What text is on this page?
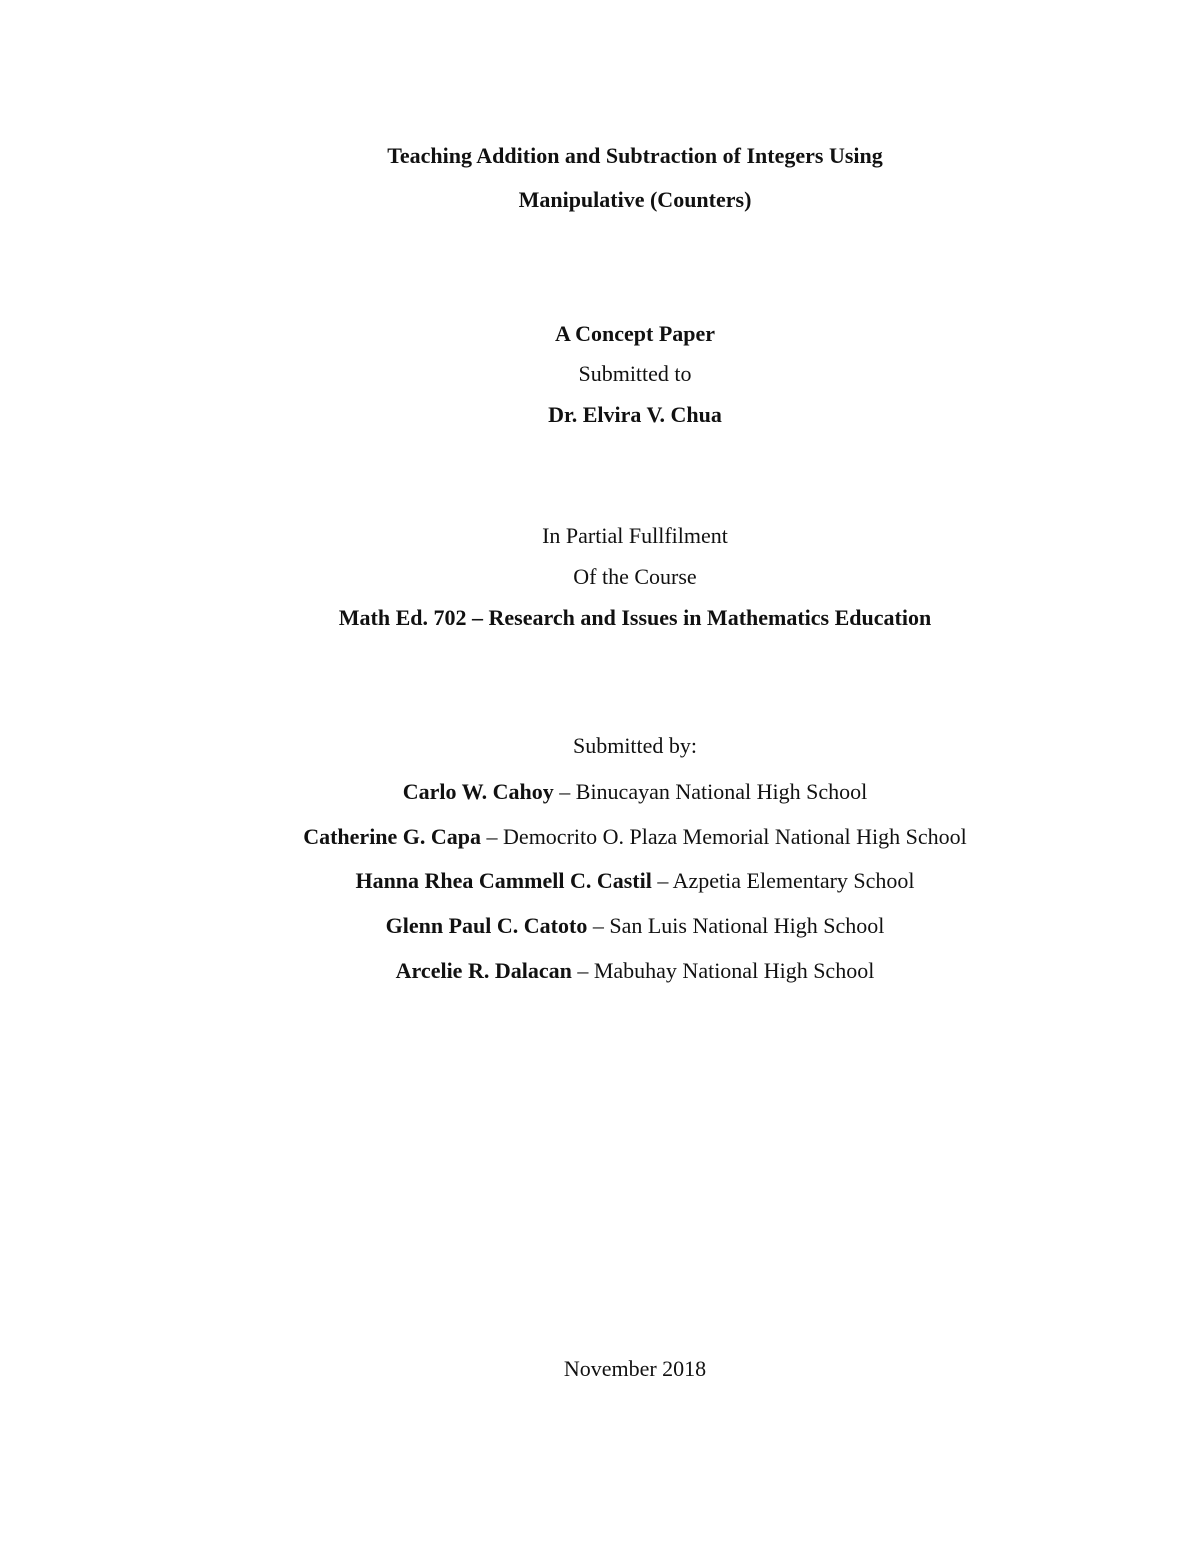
Teaching Addition and Subtraction of Integers Using
Manipulative (Counters)
A Concept Paper
Submitted to
Dr. Elvira V. Chua
In Partial Fullfilment
Of the Course
Math Ed. 702 – Research and Issues in Mathematics Education
Submitted by:
Carlo W. Cahoy – Binucayan National High School
Catherine G. Capa – Democrito O. Plaza Memorial National High School
Hanna Rhea Cammell C. Castil – Azpetia Elementary School
Glenn Paul C. Catoto – San Luis National High School
Arcelie R. Dalacan – Mabuhay National High School
November 2018
